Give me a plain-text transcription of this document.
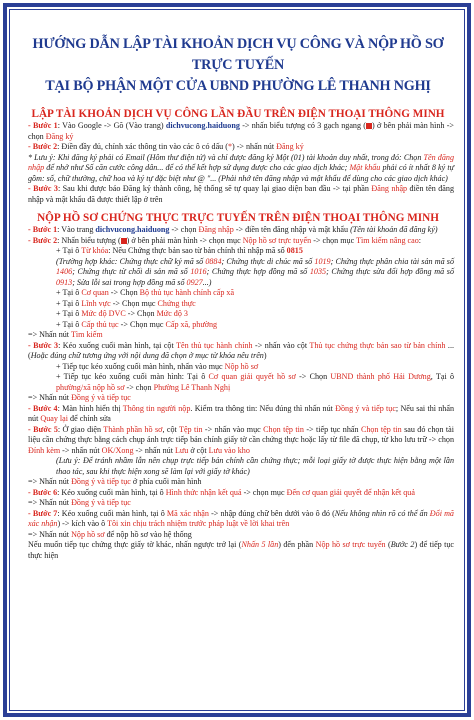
HƯỚNG DẪN LẬP TÀI KHOẢN DỊCH VỤ CÔNG VÀ NỘP HỒ SƠ TRỰC TUYẾN
TẠI BỘ PHẬN MỘT CỬA UBND PHƯỜNG LÊ THANH NGHỊ
LẬP TÀI KHOẢN DỊCH VỤ CÔNG LẦN ĐẦU TRÊN ĐIỆN THOẠI THÔNG MINH
- Bước 1: Vào Google -> Gõ (Vào trang) dichvucong.haiduong -> nhấn biểu tượng có 3 gạch ngang ( ) ở bên phải màn hình -> chọn Đăng ký
- Bước 2: Điền đầy đủ, chính xác thông tin vào các ô có dấu (*) -> nhấn nút Đăng ký
* Lưu ý: Khi đăng ký phải có Email (Hôm thư điện tử) và chỉ được đăng ký Một (01) tài khoản duy nhất, trong đó: Chọn Tên đăng nhập để nhớ như Số căn cước công dân... để có thể kết hợp sử dụng được cho các giao dịch khác; Mật khẩu phải có ít nhất 8 ký tự gồm: số, chữ thường, chữ hoa và ký tự đặc biệt như @ "... (Phải nhớ tên đăng nhập và mật khẩu để dùng cho các giao dịch khác)
- Bước 3: Sau khi được báo Đăng ký thành công, hệ thống sẽ tự quay lại giao diện ban đầu -> tại phần Đăng nhập điền tên đăng nhập và mật khẩu đã được thiết lập ở trên
NỘP HỒ SƠ CHỨNG THỰC TRỰC TUYẾN TRÊN ĐIỆN THOẠI THÔNG MINH
- Bước 1: Vào trang dichvucong.haiduong -> chọn Đăng nhập -> điền tên đăng nhập và mật khẩu (Tên tài khoản đã đăng ký)
- Bước 2: Nhấn biểu tượng ( ) ở bên phải màn hình -> chọn mục Nộp hồ sơ trực tuyến -> chọn mục Tìm kiếm nâng cao:
+ Tại ô Từ khóa: Nếu Chứng thực bản sao từ bản chính thì nhập mã số 0815
(Trường hợp khác: Chứng thực chữ ký mã số 0884; Chứng thực di chúc mã số 1019; Chứng thực phân chia tài sản mã số 1406; Chứng thực từ chối di sản mã số 1016; Chứng thực hợp đồng mã số 1035; Chứng thực sửa đổi hợp đồng mã số 0913; Sửa lỗi sai trong hợp đồng mã số 0927...)
+ Tại ô Cơ quan -> Chọn Bộ thủ tục hành chính cấp xã
+ Tại ô Lĩnh vực -> Chọn mục Chứng thực
+ Tại ô Mức độ DVC -> Chọn Mức độ 3
+ Tại ô Cấp thủ tục -> Chọn mục Cấp xã, phường
=> Nhấn nút Tìm kiếm
- Bước 3: Kéo xuống cuối màn hình, tại cột Tên thủ tục hành chính -> nhấn vào cột Thủ tục chứng thực bản sao từ bản chính ... (Hoặc đúng chữ tương ứng với nội dung đã chọn ở mục từ khóa nêu trên)
+ Tiếp tục kéo xuống cuối màn hình, nhấn vào mục Nộp hồ sơ
+ Tiếp tục kéo xuống cuối màn hình: Tại ô Cơ quan giải quyết hồ sơ -> Chọn UBND thành phố Hải Dương, Tại ô phường/xã nộp hồ sơ -> chọn Phường Lê Thanh Nghị
=> Nhấn nút Đồng ý và tiếp tục
- Bước 4: Màn hình hiển thị Thông tin người nộp. Kiểm tra thông tin: Nếu đúng thì nhấn nút Đồng ý và tiếp tục; Nếu sai thì nhấn nút Quay lại để chỉnh sửa
- Bước 5: Ở giao diện Thành phần hồ sơ, cột Tệp tin -> nhấn vào mục Chọn tệp tin -> tiếp tục nhấn Chọn tệp tin sau đó chọn tài liệu cần chứng thực bằng cách chụp ảnh trực tiếp bản chính giấy tờ cần chứng thực hoặc lấy từ file đã chụp, từ kho lưu trữ -> chọn Đính kèm -> nhấn nút OK/Xong -> nhấn nút Lưu ở cột Lưu vào kho
(Lưu ý: Để tránh nhầm lẫn nên chụp trực tiếp bản chính cần chứng thực; mỗi loại giấy tờ được thực hiện bằng một lần thao tác, sau khi thực hiện xong sẽ làm lại với giấy tờ khác)
=> Nhấn nút Đồng ý và tiếp tục ở phía cuối màn hình
- Bước 6: Kéo xuống cuối màn hình, tại ô Hình thức nhận kết quả -> chọn mục Đến cơ quan giải quyết để nhận kết quả
=> Nhấn nút Đồng ý và tiếp tục
- Bước 7: Kéo xuống cuối màn hình, tại ô Mã xác nhận -> nhập đúng chữ bên dưới vào ô đó (Nếu không nhìn rõ có thể ấn Đổi mã xác nhận) -> kích vào ô Tôi xin chịu trách nhiệm trước pháp luật về lời khai trên
=> Nhấn nút Nộp hồ sơ để nộp hồ sơ vào hệ thống
Nếu muốn tiếp tục chứng thực giấy tờ khác, nhấn ngược trở lại (Nhấn 5 lần) đến phần Nộp hồ sơ trực tuyến (Bước 2) để tiếp tục thực hiện
